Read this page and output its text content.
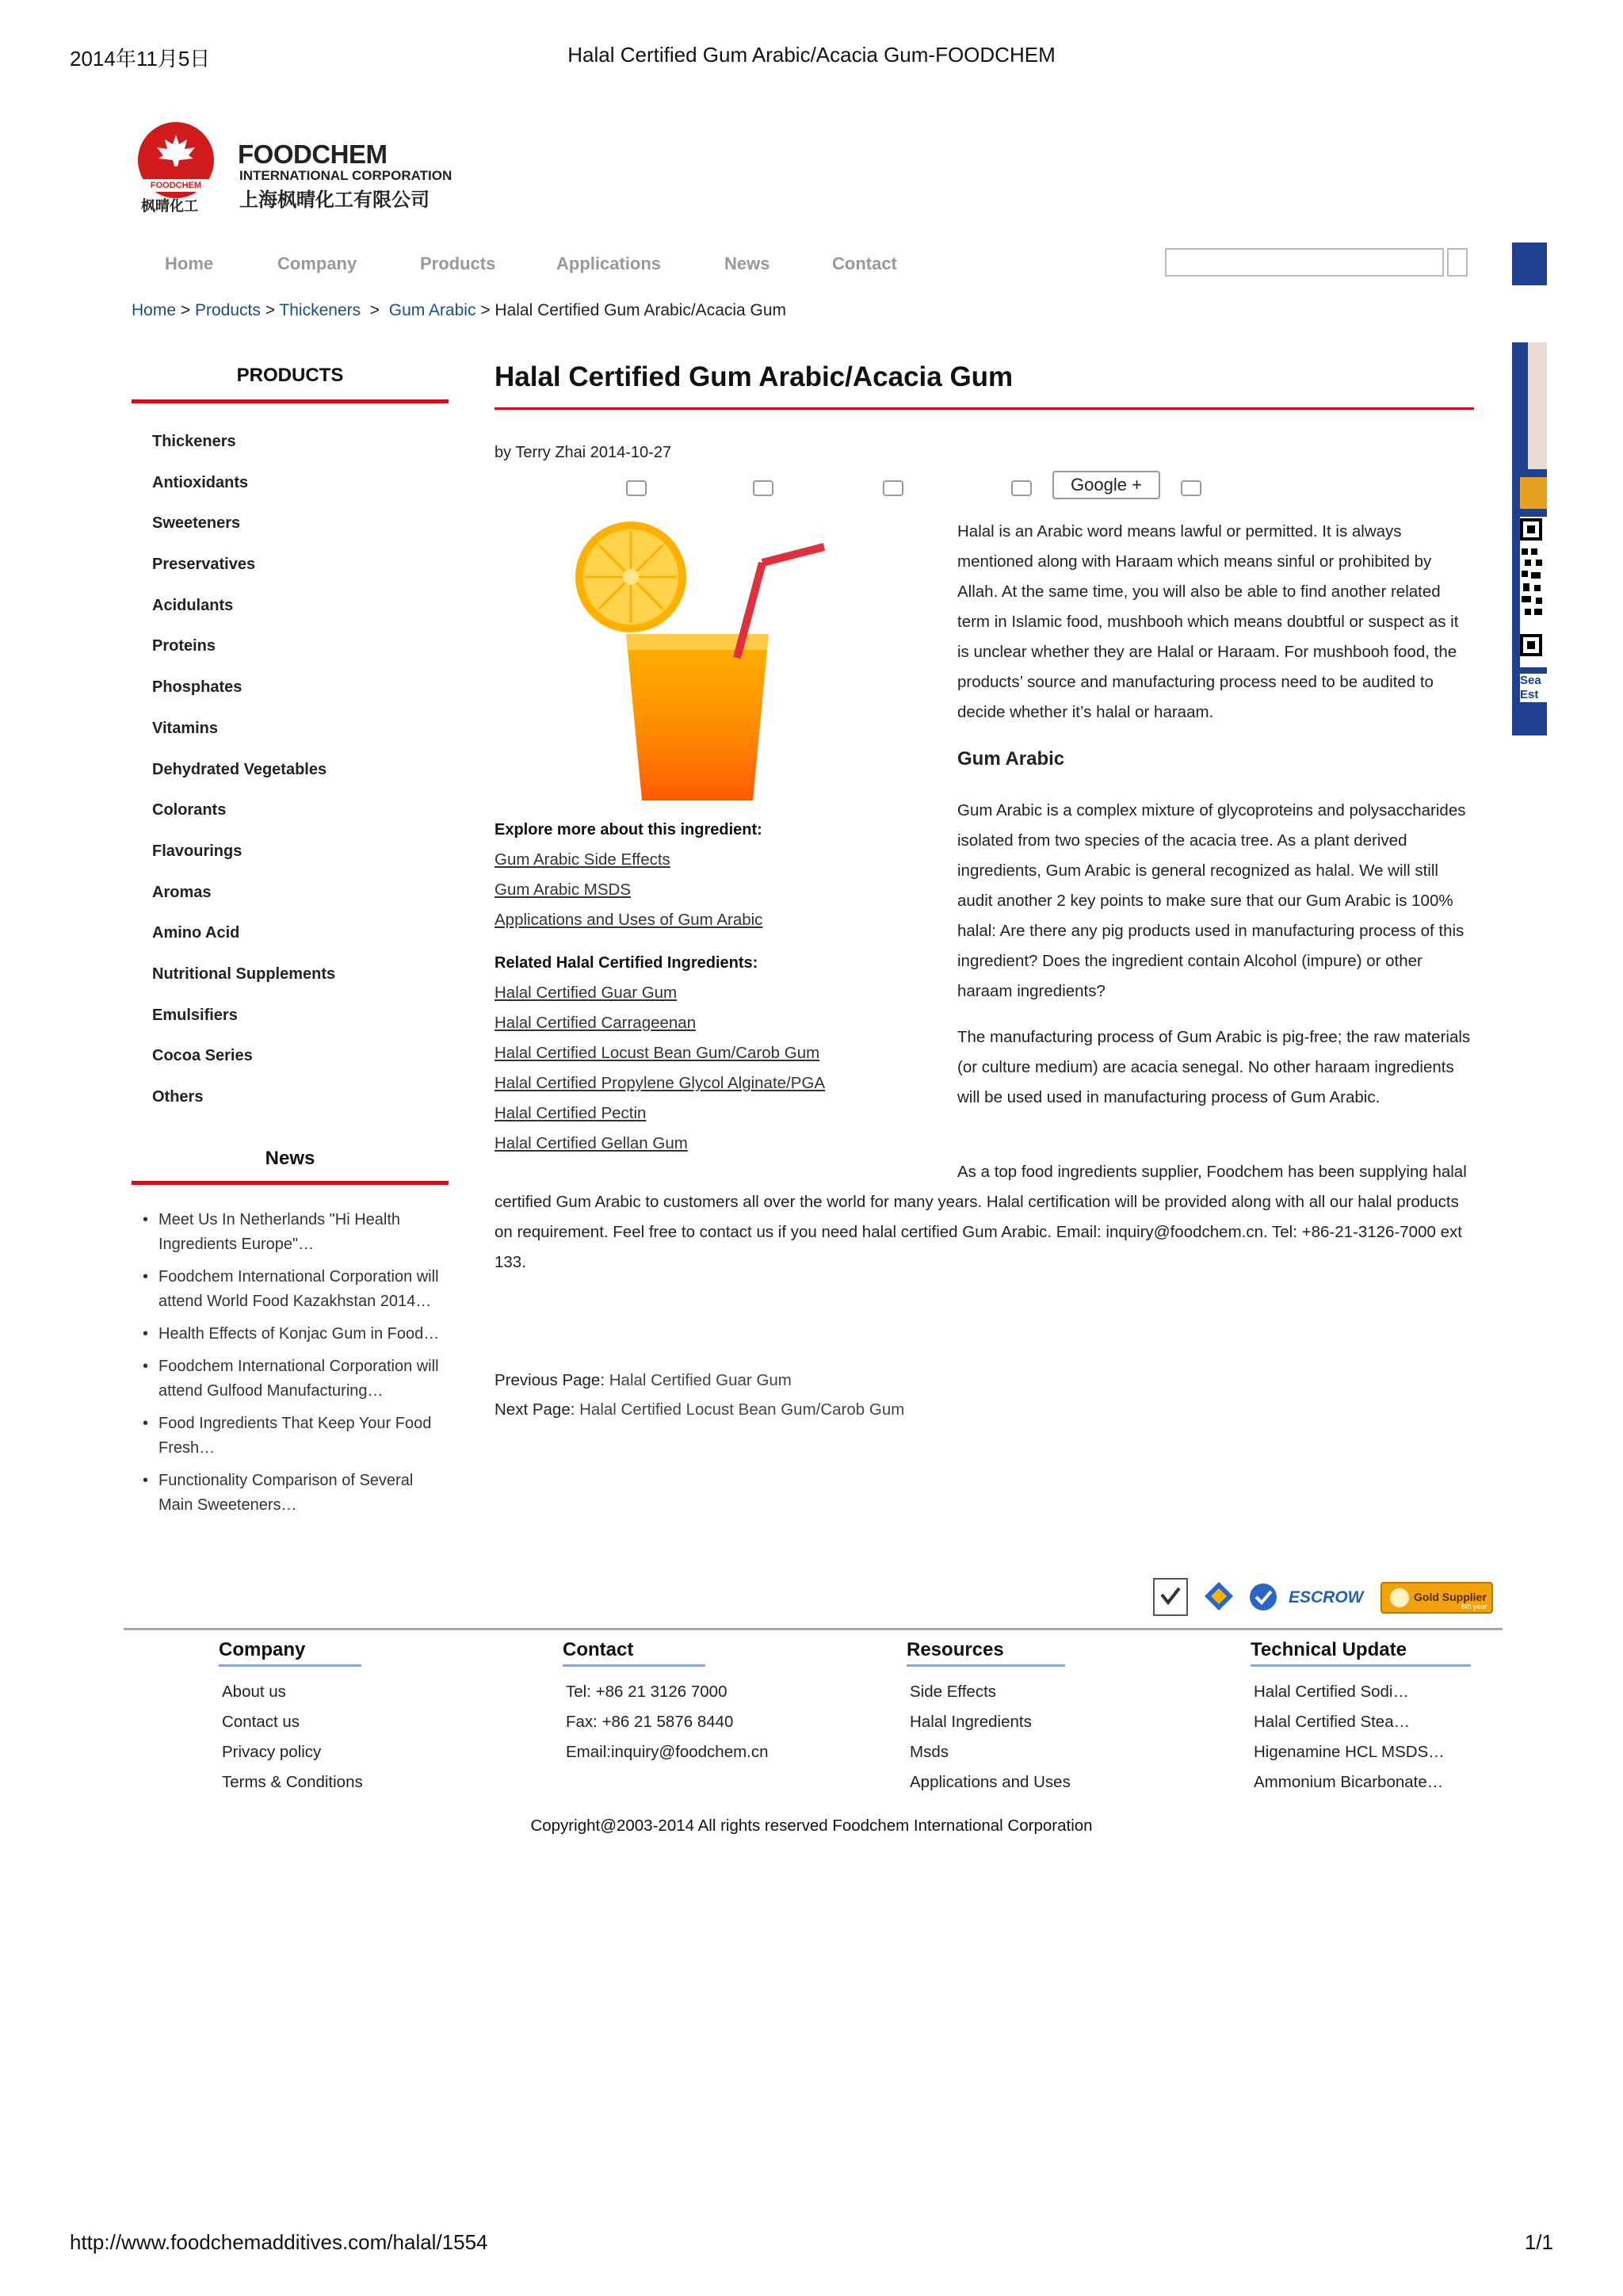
2014年11月5日	Halal Certified Gum Arabic/Acacia Gum-FOODCHEM
FOODCHEM
枫晴化工
FOODCHEM
INTERNATIONAL CORPORATION
上海枫晴化工有限公司
Home	Company	Products	Applications	News	Contact
Sea Est
Home > Products > Thickeners  >  Gum Arabic > Halal Certified Gum Arabic/Acacia Gum
PRODUCTS
Thickeners
Antioxidants
Sweeteners
Preservatives
Acidulants
Proteins
Phosphates
Vitamins
Dehydrated Vegetables
Colorants
Flavourings
Aromas
Amino Acid
Nutritional Supplements
Emulsifiers
Cocoa Series
Others
News
• Meet Us In Netherlands "Hi Health Ingredients Europe"…
• Foodchem International Corporation will attend World Food Kazakhstan 2014…
• Health Effects of Konjac Gum in Food…
• Foodchem International Corporation will attend Gulfood Manufacturing…
• Food Ingredients That Keep Your Food Fresh…
• Functionality Comparison of Several Main Sweeteners…
Halal Certified Gum Arabic/Acacia Gum
by Terry Zhai 2014-10-27
Google +
Halal is an Arabic word means lawful or permitted. It is always mentioned along with Haraam which means sinful or prohibited by Allah. At the same time, you will also be able to find another related term in Islamic food, mushbooh which means doubtful or suspect as it is unclear whether they are Halal or Haraam. For mushbooh food, the products’ source and manufacturing process need to be audited to decide whether it’s halal or haraam.
Gum Arabic
Gum Arabic is a complex mixture of glycoproteins and polysaccharides isolated from two species of the acacia tree. As a plant derived ingredients, Gum Arabic is general recognized as halal. We will still audit another 2 key points to make sure that our Gum Arabic is 100% halal: Are there any pig products used in manufacturing process of this ingredient? Does the ingredient contain Alcohol (impure) or other haraam ingredients?
The manufacturing process of Gum Arabic is pig-free; the raw materials (or culture medium) are acacia senegal. No other haraam ingredients will be used used in manufacturing process of Gum Arabic.
Explore more about this ingredient:
Gum Arabic Side Effects
Gum Arabic MSDS
Applications and Uses of Gum Arabic
Related Halal Certified Ingredients:
Halal Certified Guar Gum
Halal Certified Carrageenan
Halal Certified Locust Bean Gum/Carob Gum
Halal Certified Propylene Glycol Alginate/PGA
Halal Certified Pectin
Halal Certified Gellan Gum
As a top food ingredients supplier, Foodchem has been supplying halal certified Gum Arabic to customers all over the world for many years. Halal certification will be provided along with all our halal products on requirement. Feel free to contact us if you need halal certified Gum Arabic. Email: inquiry@foodchem.cn. Tel: +86-21-3126-7000 ext 133.
Previous Page: Halal Certified Guar Gum
Next Page: Halal Certified Locust Bean Gum/Carob Gum
ESCROW	Gold Supplier
6th year
Company
About us
Contact us
Privacy policy
Terms & Conditions
Contact
Tel: +86 21 3126 7000
Fax: +86 21 5876 8440
Email:inquiry@foodchem.cn
Resources
Side Effects
Halal Ingredients
Msds
Applications and Uses
Technical Update
Halal Certified Sodi…
Halal Certified Stea…
Higenamine HCL MSDS…
Ammonium Bicarbonate…
Copyright@2003-2014 All rights reserved Foodchem International Corporation
http://www.foodchemadditives.com/halal/1554	1/1
